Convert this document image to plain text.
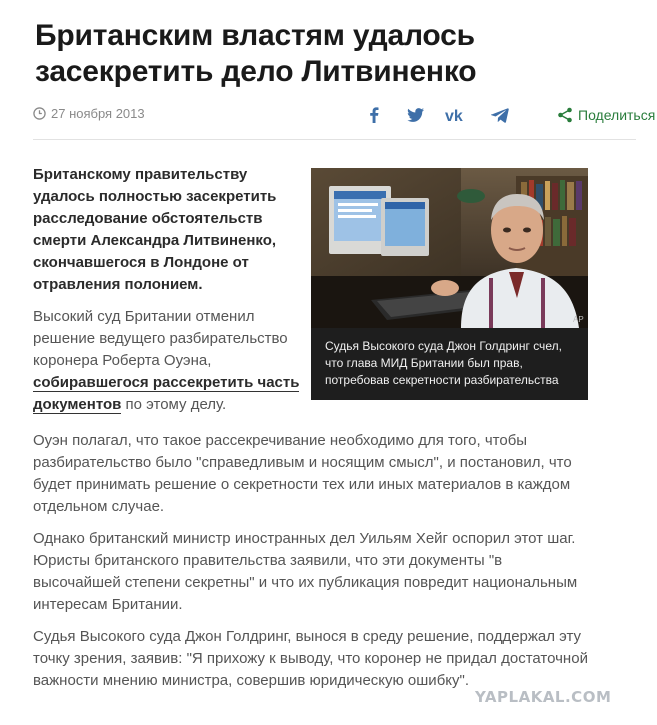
Британским властям удалось засекретить дело Литвиненко
27 ноября 2013	vk	Поделиться

Британскому правительству удалось полностью засекретить расследование обстоятельств смерти Александра Литвиненко, скончавшегося в Лондоне от отравления полонием.

Высокий суд Британии отменил решение ведущего разбирательство коронера Роберта Оуэна, собиравшегося рассекретить часть документов по этому делу.

AP

Судья Высокого суда Джон Голдринг счел, что глава МИД Британии был прав, потребовав секретности разбирательства

Оуэн полагал, что такое рассекречивание необходимо для того, чтобы разбирательство было "справедливым и носящим смысл", и постановил, что будет принимать решение о секретности тех или иных материалов в каждом отдельном случае.

Однако британский министр иностранных дел Уильям Хейг оспорил этот шаг. Юристы британского правительства заявили, что эти документы "в высочайшей степени секретны" и что их публикация повредит национальным интересам Британии.

Судья Высокого суда Джон Голдринг, вынося в среду решение, поддержал эту точку зрения, заявив: "Я прихожу к выводу, что коронер не придал достаточной важности мнению министра, совершив юридическую ошибку".

YAPLAKAL.COM
